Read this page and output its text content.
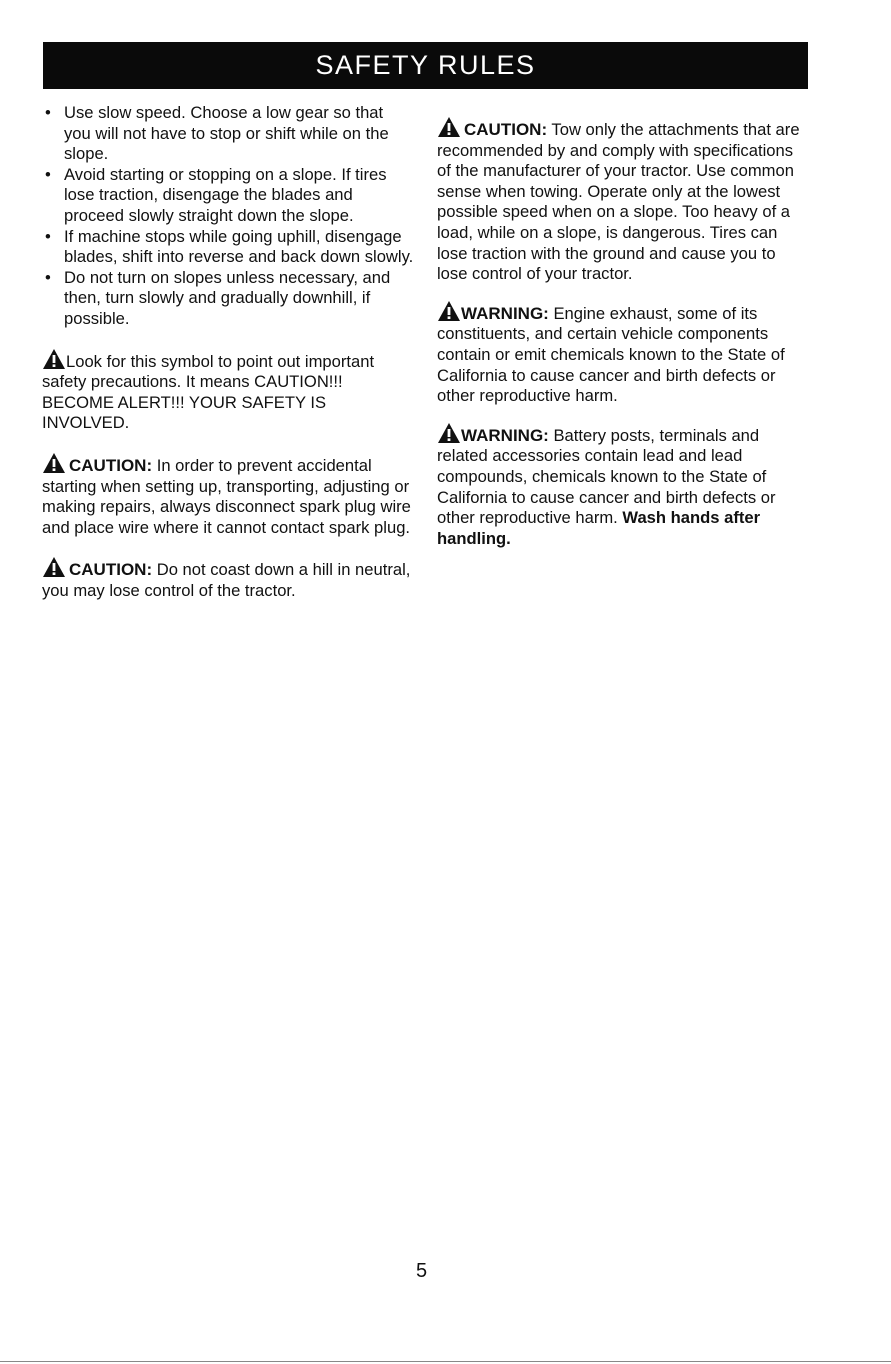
SAFETY RULES
• Use slow speed. Choose a low gear so that you will not have to stop or shift while on the slope.
• Avoid starting or stopping on a slope. If tires lose traction, disengage the blades and proceed slowly straight down the slope.
• If machine stops while going uphill, disengage blades, shift into reverse and back down slowly.
• Do not turn on slopes unless necessary, and then, turn slowly and gradually downhill, if possible.

Look for this symbol to point out important safety precautions. It means CAUTION!!! BECOME ALERT!!! YOUR SAFETY IS INVOLVED.

CAUTION: In order to prevent accidental starting when setting up, transporting, adjusting or making repairs, always disconnect spark plug wire and place wire where it cannot contact spark plug.

CAUTION: Do not coast down a hill in neutral, you may lose control of the tractor.

CAUTION: Tow only the attachments that are recommended by and comply with specifications of the manufacturer of your tractor. Use common sense when towing. Operate only at the lowest possible speed when on a slope. Too heavy of a load, while on a slope, is dangerous. Tires can lose traction with the ground and cause you to lose control of your tractor.

WARNING: Engine exhaust, some of its constituents, and certain vehicle components contain or emit chemicals known to the State of California to cause cancer and birth defects or other reproductive harm.

WARNING: Battery posts, terminals and related accessories contain lead and lead compounds, chemicals known to the State of California to cause cancer and birth defects or other reproductive harm. Wash hands after handling.

5
